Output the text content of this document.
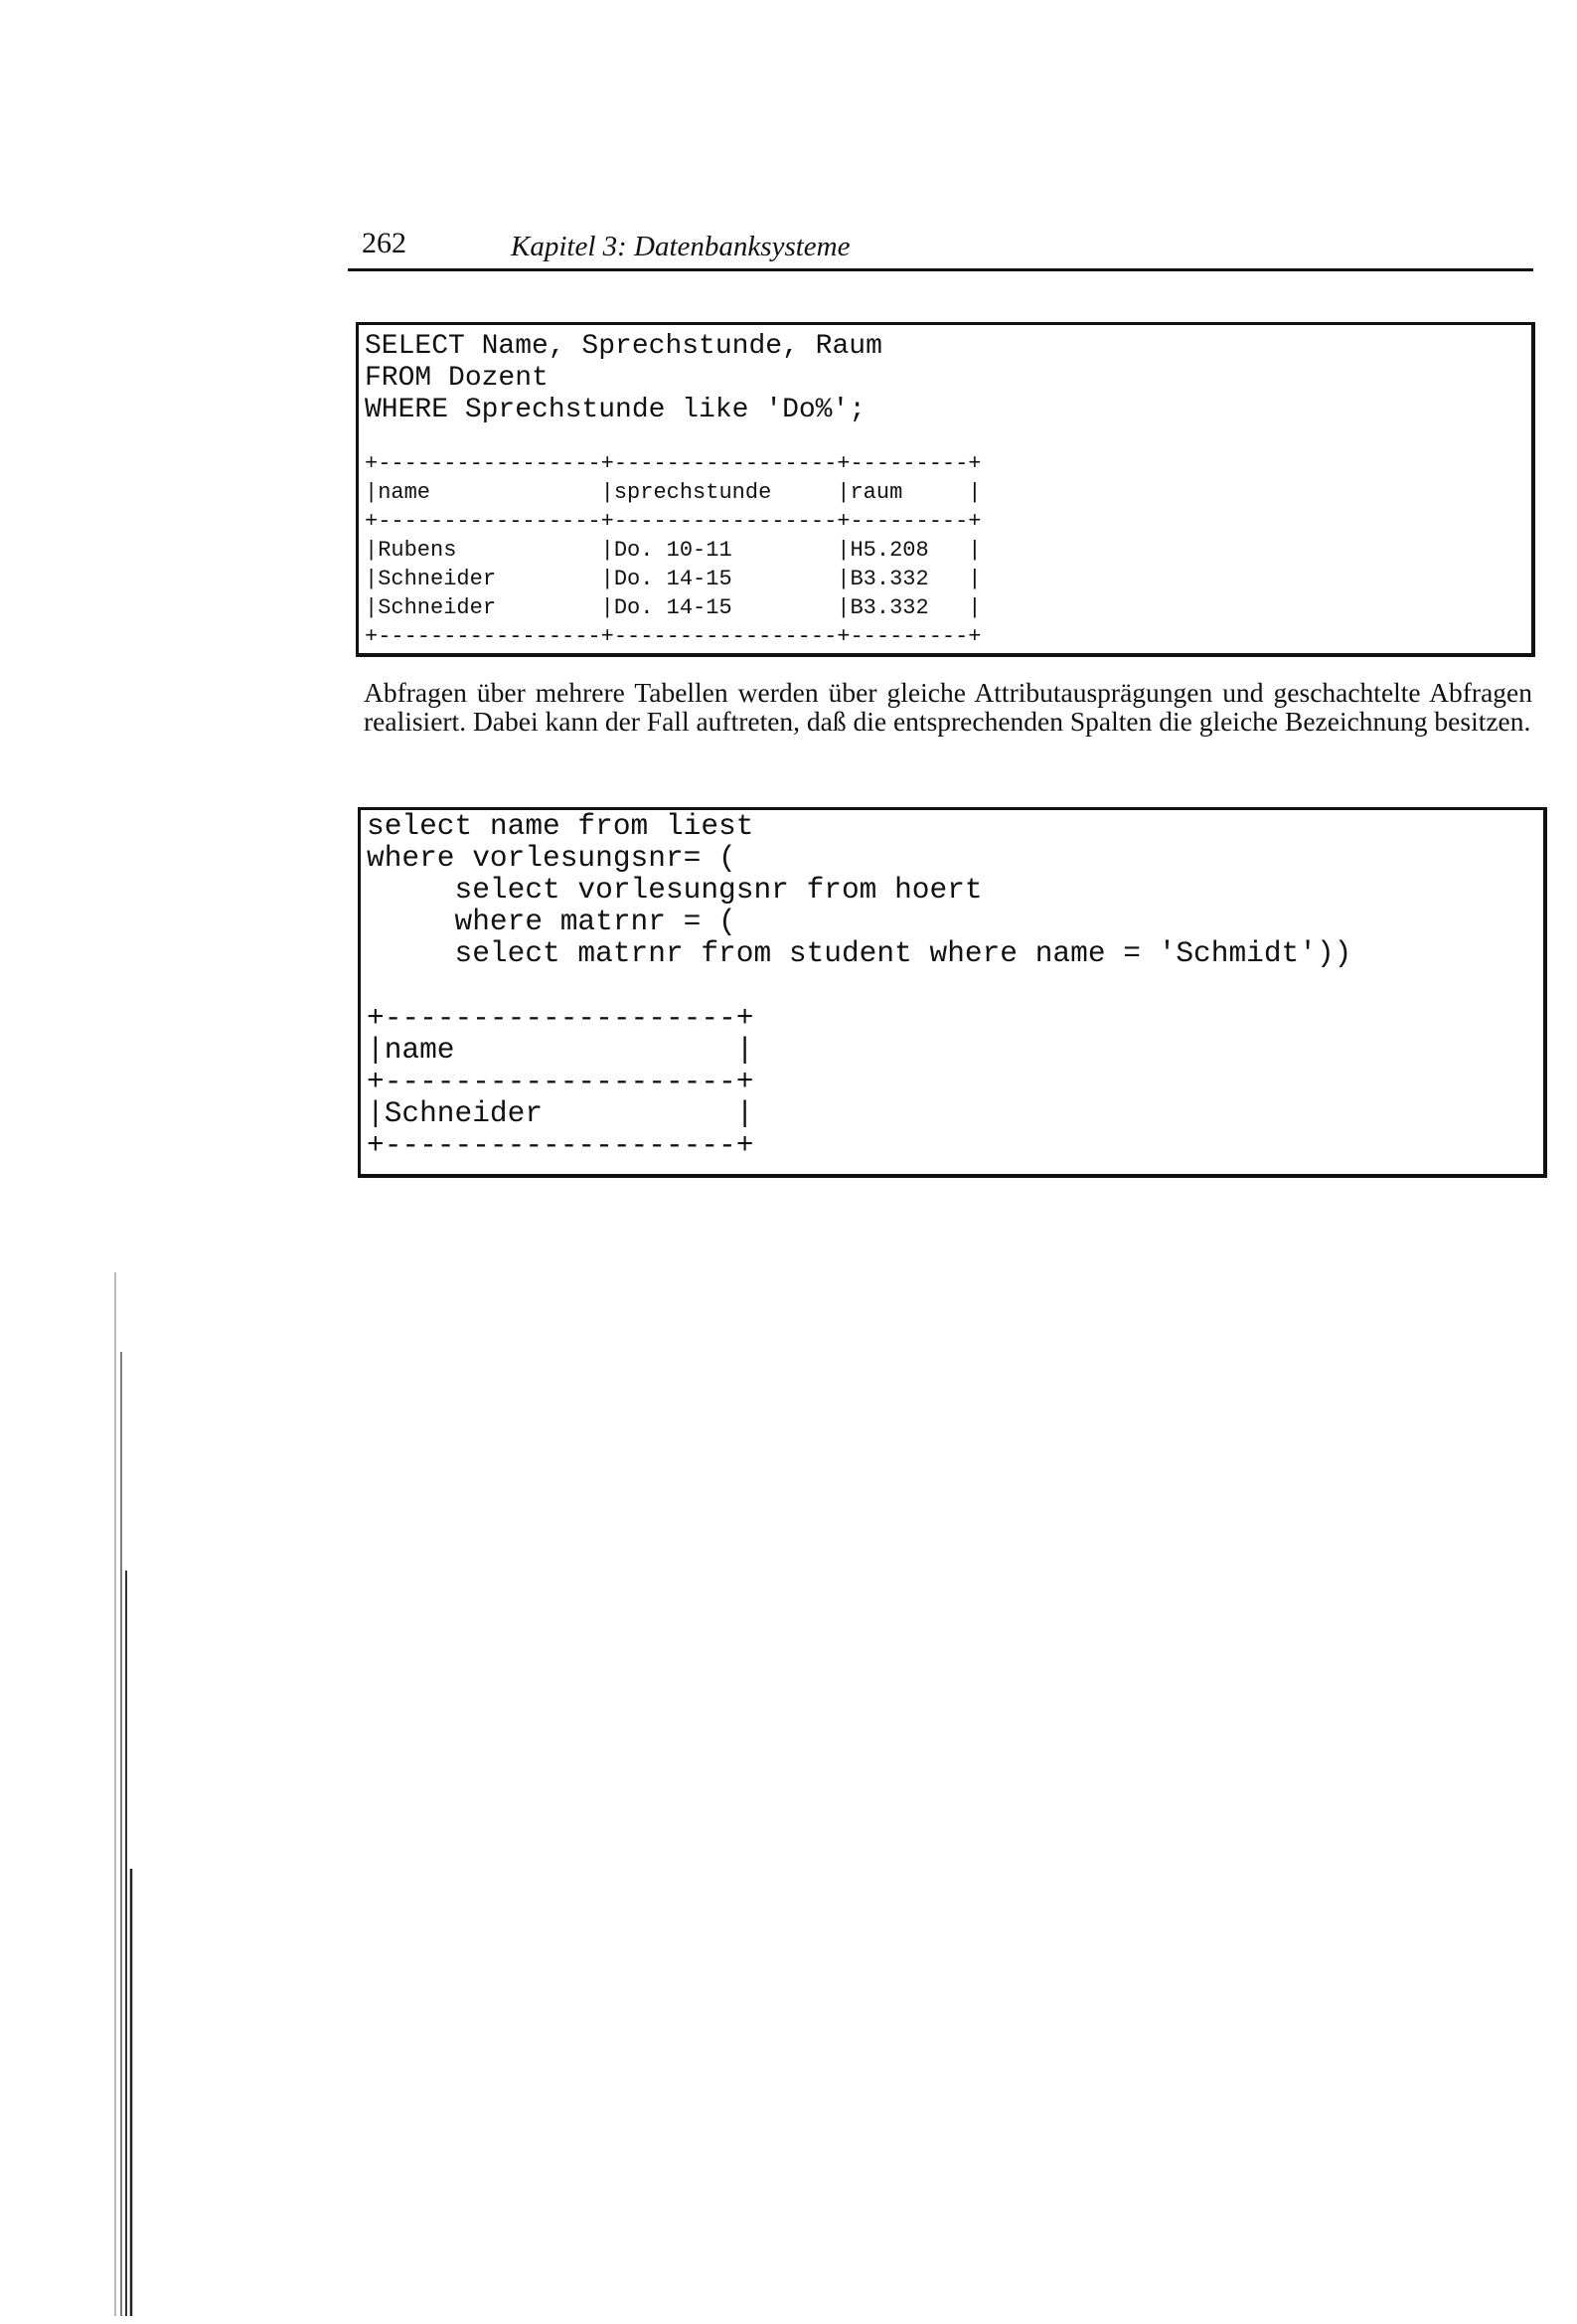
262	Kapitel 3: Datenbanksysteme
SELECT Name, Sprechstunde, Raum
FROM Dozent
WHERE Sprechstunde like 'Do%';
+-----------------+-----------------+---------+
|name             |sprechstunde     |raum     |
+-----------------+-----------------+---------+
|Rubens           |Do. 10-11        |H5.208   |
|Schneider        |Do. 14-15        |B3.332   |
|Schneider        |Do. 14-15        |B3.332   |
+-----------------+-----------------+---------+

Abfragen über mehrere Tabellen werden über gleiche Attributausprägungen und geschachtelte Abfragen realisiert. Dabei kann der Fall auftreten, daß die entsprechenden Spalten die gleiche Bezeichnung besitzen.

select name from liest
where vorlesungsnr= (
select vorlesungsnr from hoert
where matrnr = (
select matrnr from student where name = 'Schmidt'))
+--------------------+
|name                |
+--------------------+
|Schneider           |
+--------------------+
